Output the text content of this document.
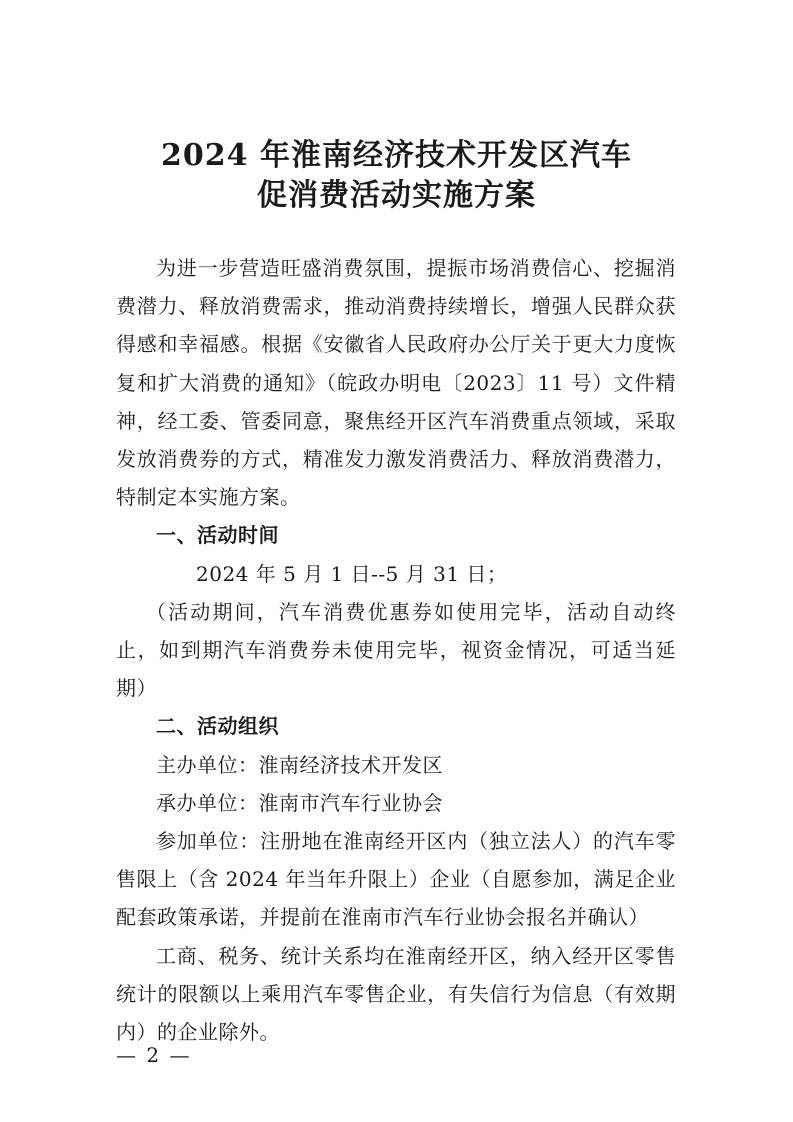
2024 年淮南经济技术开发区汽车
促消费活动实施方案

为进一步营造旺盛消费氛围，提振市场消费信心、挖掘消费潜力、释放消费需求，推动消费持续增长，增强人民群众获得感和幸福感。根据《安徽省人民政府办公厅关于更大力度恢复和扩大消费的通知》（皖政办明电〔2023〕11 号）文件精神，经工委、管委同意，聚焦经开区汽车消费重点领域，采取发放消费券的方式，精准发力激发消费活力、释放消费潜力，特制定本实施方案。

一、活动时间

2024 年 5 月 1 日--5 月 31 日；

（活动期间，汽车消费优惠券如使用完毕，活动自动终止，如到期汽车消费券未使用完毕，视资金情况，可适当延期）

二、活动组织

主办单位：淮南经济技术开发区

承办单位：淮南市汽车行业协会

参加单位：注册地在淮南经开区内（独立法人）的汽车零售限上（含 2024 年当年升限上）企业（自愿参加，满足企业配套政策承诺，并提前在淮南市汽车行业协会报名并确认）

工商、税务、统计关系均在淮南经开区，纳入经开区零售统计的限额以上乘用汽车零售企业，有失信行为信息（有效期内）的企业除外。

— 2 —
